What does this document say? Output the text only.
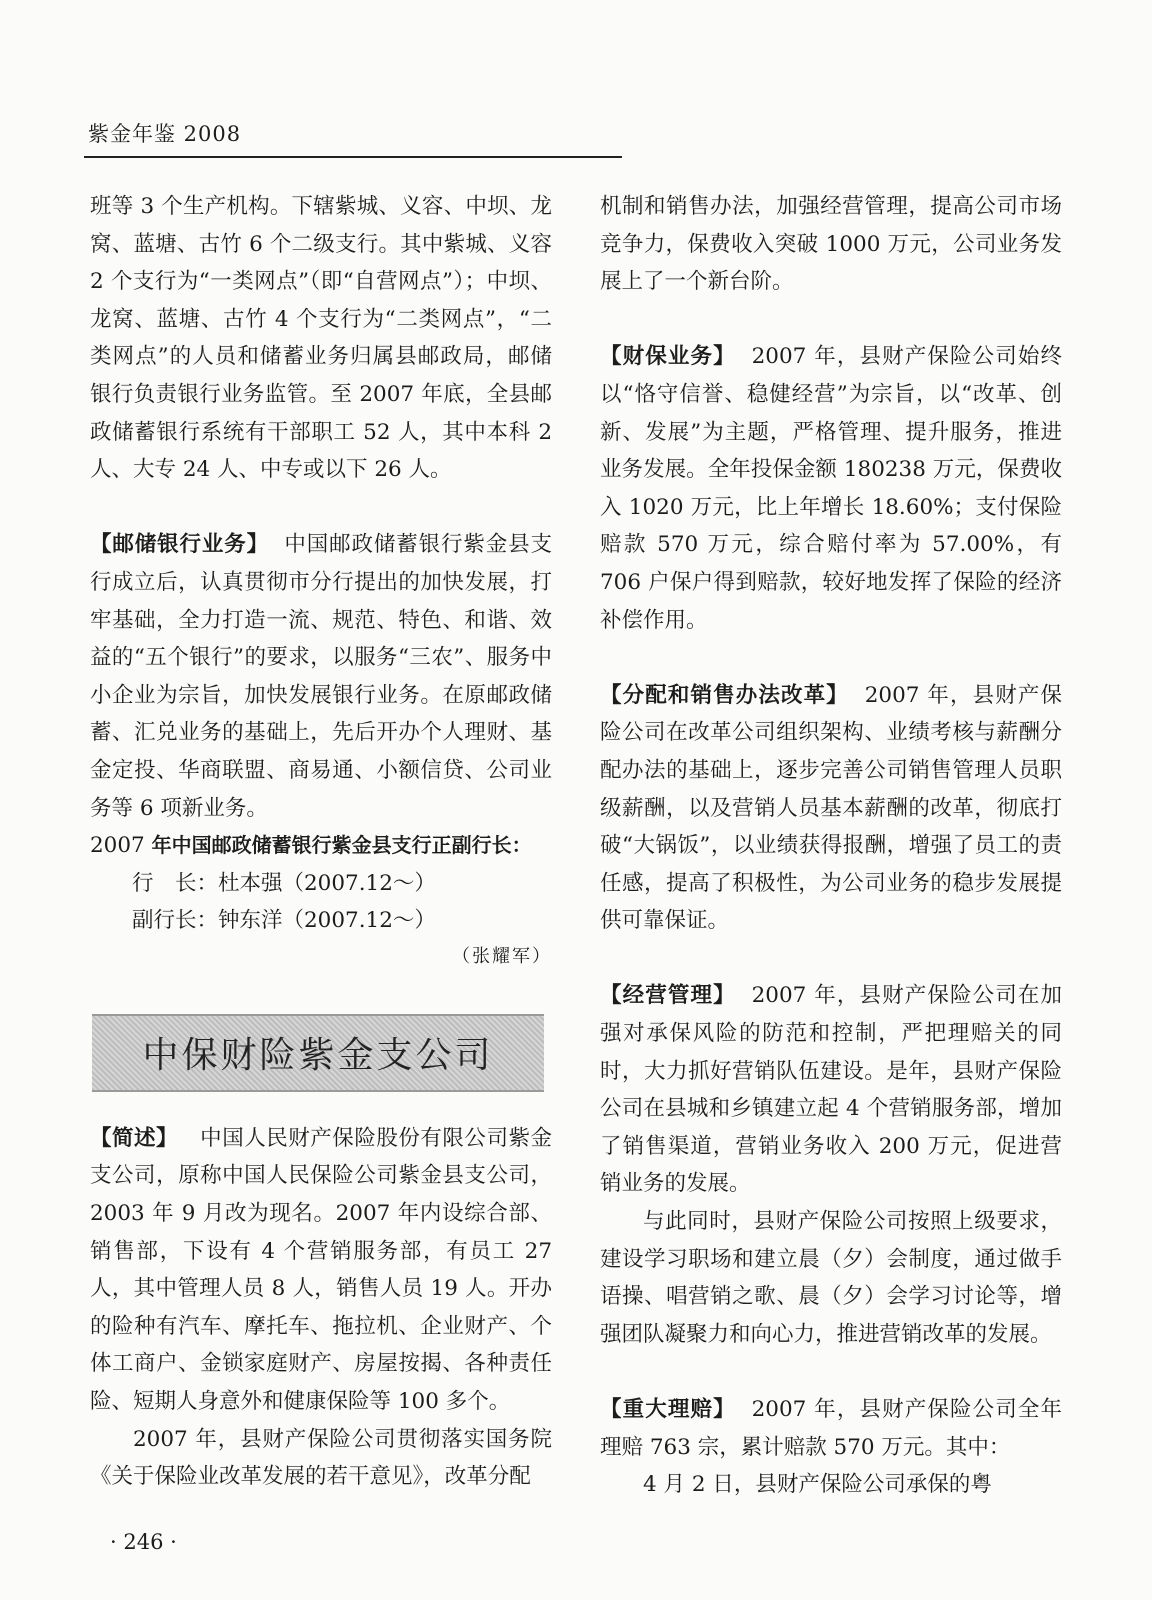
紫金年鉴 2008

班等 3 个生产机构。下辖紫城、义容、中坝、龙窝、蓝塘、古竹 6 个二级支行。其中紫城、义容 2 个支行为“一类网点”（即“自营网点”）；中坝、龙窝、蓝塘、古竹 4 个支行为“二类网点”，“二类网点”的人员和储蓄业务归属县邮政局，邮储银行负责银行业务监管。至 2007 年底，全县邮政储蓄银行系统有干部职工 52 人，其中本科 2 人、大专 24 人、中专或以下 26 人。

【邮储银行业务】 中国邮政储蓄银行紫金县支行成立后，认真贯彻市分行提出的加快发展，打牢基础，全力打造一流、规范、特色、和谐、效益的“五个银行”的要求，以服务“三农”、服务中小企业为宗旨，加快发展银行业务。在原邮政储蓄、汇兑业务的基础上，先后开办个人理财、基金定投、华商联盟、商易通、小额信贷、公司业务等 6 项新业务。

2007 年中国邮政储蓄银行紫金县支行正副行长：

行　长：杜本强（2007.12～）

副行长：钟东洋（2007.12～）

（张耀军）

中保财险紫金支公司

【简述】 中国人民财产保险股份有限公司紫金支公司，原称中国人民保险公司紫金县支公司，2003 年 9 月改为现名。2007 年内设综合部、销售部，下设有 4 个营销服务部，有员工 27 人，其中管理人员 8 人，销售人员 19 人。开办的险种有汽车、摩托车、拖拉机、企业财产、个体工商户、金锁家庭财产、房屋按揭、各种责任险、短期人身意外和健康保险等 100 多个。

2007 年，县财产保险公司贯彻落实国务院《关于保险业改革发展的若干意见》，改革分配

机制和销售办法，加强经营管理，提高公司市场竞争力，保费收入突破 1000 万元，公司业务发展上了一个新台阶。

【财保业务】 2007 年，县财产保险公司始终以“恪守信誉、稳健经营”为宗旨，以“改革、创新、发展”为主题，严格管理、提升服务，推进业务发展。全年投保金额 180238 万元，保费收入 1020 万元，比上年增长 18.60%；支付保险赔款 570 万元，综合赔付率为 57.00%，有 706 户保户得到赔款，较好地发挥了保险的经济补偿作用。

【分配和销售办法改革】 2007 年，县财产保险公司在改革公司组织架构、业绩考核与薪酬分配办法的基础上，逐步完善公司销售管理人员职级薪酬，以及营销人员基本薪酬的改革，彻底打破“大锅饭”，以业绩获得报酬，增强了员工的责任感，提高了积极性，为公司业务的稳步发展提供可靠保证。

【经营管理】 2007 年，县财产保险公司在加强对承保风险的防范和控制，严把理赔关的同时，大力抓好营销队伍建设。是年，县财产保险公司在县城和乡镇建立起 4 个营销服务部，增加了销售渠道，营销业务收入 200 万元，促进营销业务的发展。

与此同时，县财产保险公司按照上级要求，建设学习职场和建立晨（夕）会制度，通过做手语操、唱营销之歌、晨（夕）会学习讨论等，增强团队凝聚力和向心力，推进营销改革的发展。

【重大理赔】 2007 年，县财产保险公司全年理赔 763 宗，累计赔款 570 万元。其中：

4 月 2 日，县财产保险公司承保的粤

· 246 ·
